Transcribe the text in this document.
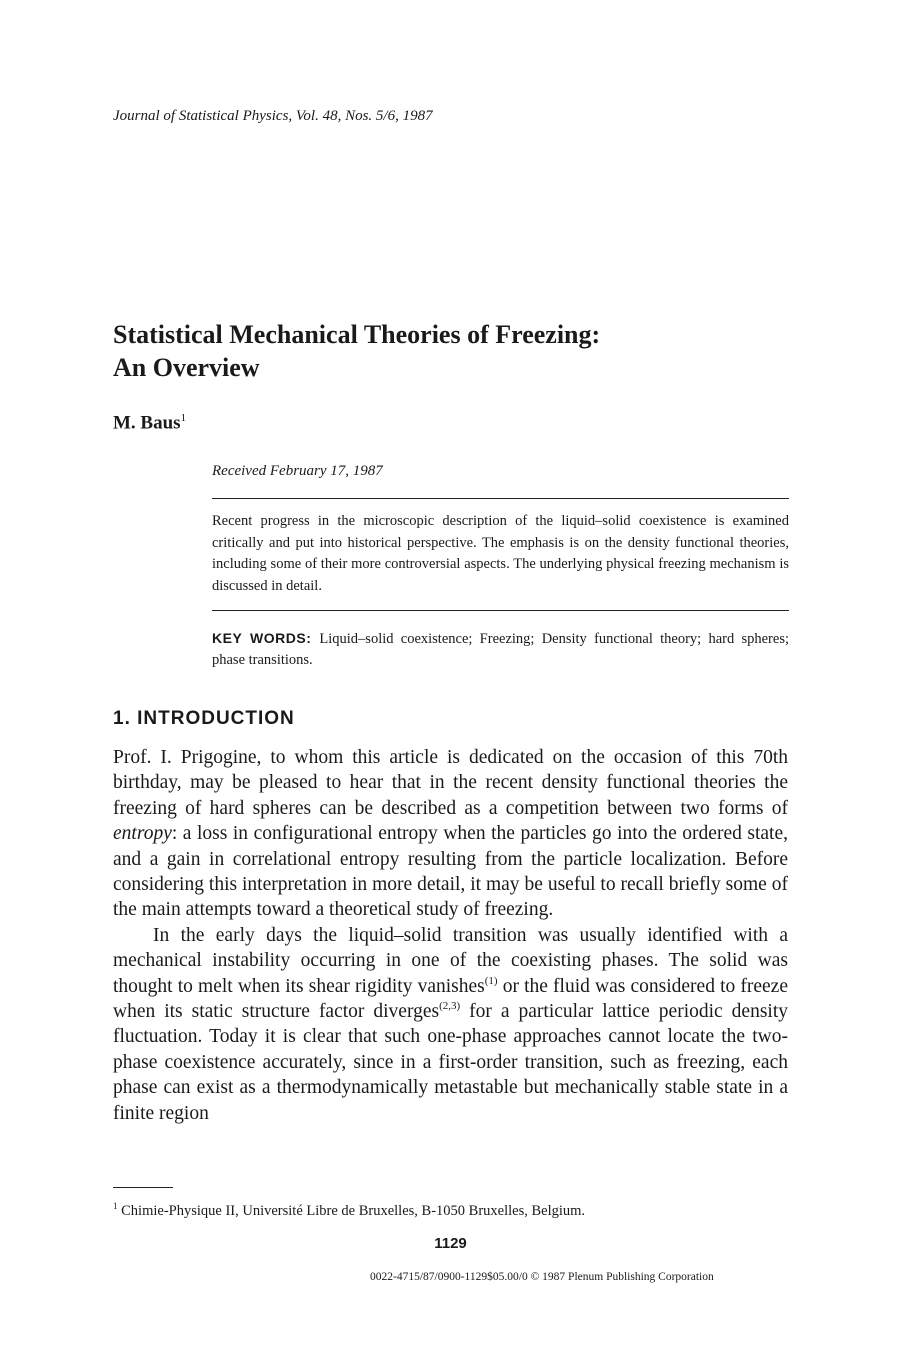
Journal of Statistical Physics, Vol. 48, Nos. 5/6, 1987
Statistical Mechanical Theories of Freezing:
An Overview
M. Baus$^1$
Received February 17, 1987
Recent progress in the microscopic description of the liquid–solid coexistence is examined critically and put into historical perspective. The emphasis is on the density functional theories, including some of their more controversial aspects. The underlying physical freezing mechanism is discussed in detail.
KEY WORDS: Liquid–solid coexistence; Freezing; Density functional theory; hard spheres; phase transitions.
1. INTRODUCTION

Prof. I. Prigogine, to whom this article is dedicated on the occasion of this 70th birthday, may be pleased to hear that in the recent density functional theories the freezing of hard spheres can be described as a competition between two forms of entropy: a loss in configurational entropy when the particles go into the ordered state, and a gain in correlational entropy resulting from the particle localization. Before considering this interpretation in more detail, it may be useful to recall briefly some of the main attempts toward a theoretical study of freezing.

In the early days the liquid–solid transition was usually identified with a mechanical instability occurring in one of the coexisting phases. The solid was thought to melt when its shear rigidity vanishes$^{(1)}$ or the fluid was considered to freeze when its static structure factor diverges$^{(2,3)}$ for a particular lattice periodic density fluctuation. Today it is clear that such one-phase approaches cannot locate the two-phase coexistence accurately, since in a first-order transition, such as freezing, each phase can exist as a thermodynamically metastable but mechanically stable state in a finite region

$^1$ Chimie-Physique II, Université Libre de Bruxelles, B-1050 Bruxelles, Belgium.
1129
0022-4715/87/0900-1129$05.00/0 © 1987 Plenum Publishing Corporation
